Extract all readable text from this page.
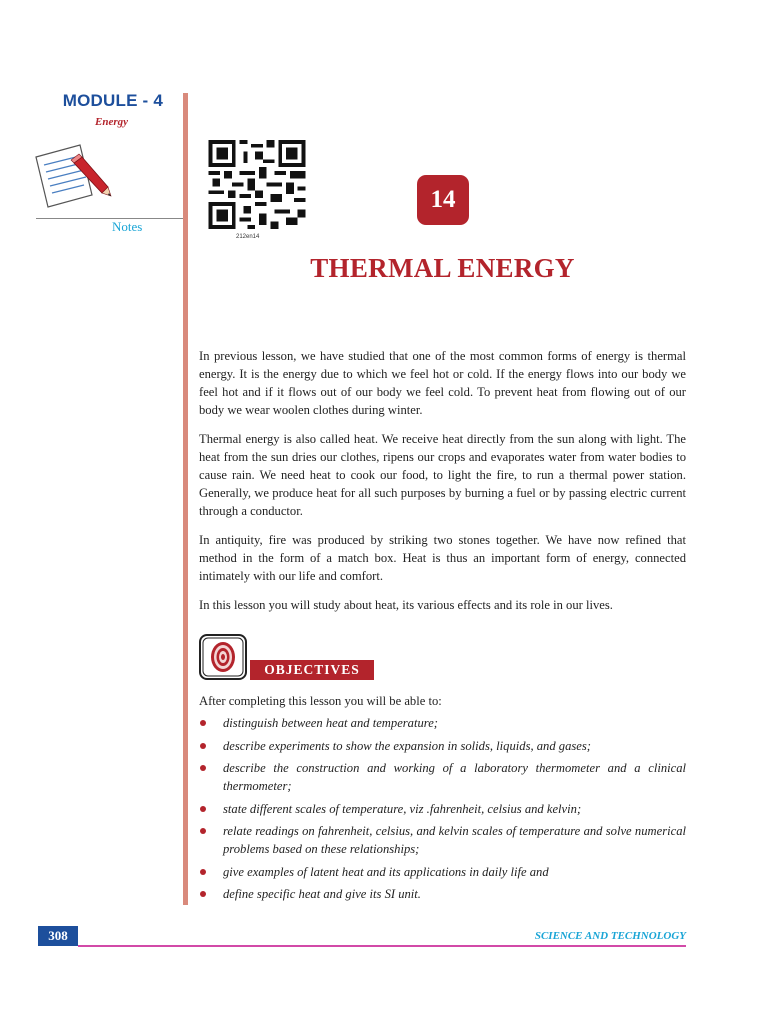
MODULE - 4
Energy
Notes
212en14
14
THERMAL ENERGY

In previous lesson, we have studied that one of the most common forms of energy is thermal energy. It is the energy due to which we feel hot or cold. If the energy flows into our body we feel hot and if it flows out of our body we feel cold. To prevent heat from flowing out of our body we wear woolen clothes during winter.

Thermal energy is also called heat. We receive heat directly from the sun along with light. The heat from the sun dries our clothes, ripens our crops and evaporates water from water bodies to cause rain. We need heat to cook our food, to light the fire, to run a thermal power station. Generally, we produce heat for all such purposes by burning a fuel or by passing electric current through a conductor.

In antiquity, fire was produced by striking two stones together. We have now refined that method in the form of a match box. Heat is thus an important form of energy, connected intimately with our life and comfort.

In this lesson you will study about heat, its various effects and its role in our lives.

OBJECTIVES
After completing this lesson you will be able to:
distinguish between heat and temperature;
describe experiments to show the expansion in solids, liquids, and gases;
describe the construction and working of a laboratory thermometer and a clinical thermometer;
state different scales of temperature, viz .fahrenheit, celsius and kelvin;
relate readings on fahrenheit, celsius, and kelvin scales of temperature and solve numerical problems based on these relationships;
give examples of latent heat and its applications in daily life and
define specific heat and give its SI unit.
308	SCIENCE AND TECHNOLOGY
